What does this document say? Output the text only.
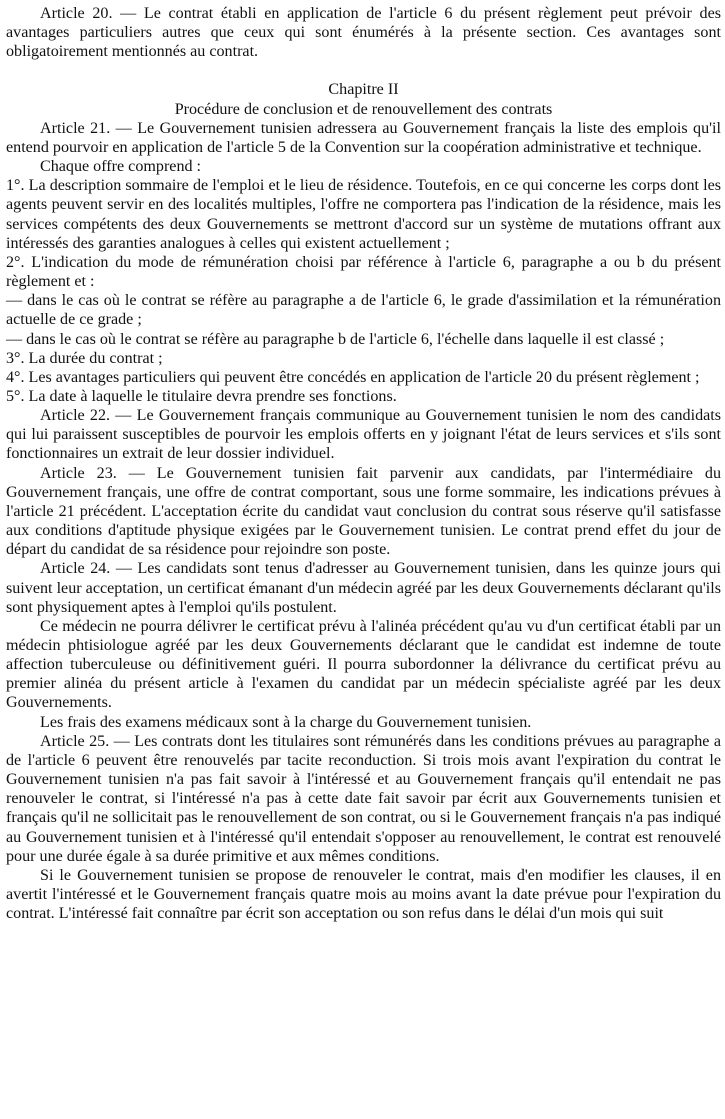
Article 20. — Le contrat établi en application de l'article 6 du présent règlement peut prévoir des avantages particuliers autres que ceux qui sont énumérés à la présente section. Ces avantages sont obligatoirement mentionnés au contrat.

Chapitre II

Procédure de conclusion et de renouvellement des contrats

Article 21. — Le Gouvernement tunisien adressera au Gouvernement français la liste des emplois qu'il entend pourvoir en application de l'article 5 de la Convention sur la coopération administrative et technique.

Chaque offre comprend :

1°. La description sommaire de l'emploi et le lieu de résidence. Toutefois, en ce qui concerne les corps dont les agents peuvent servir en des localités multiples, l'offre ne comportera pas l'indication de la résidence, mais les services compétents des deux Gouvernements se mettront d'accord sur un système de mutations offrant aux intéressés des garanties analogues à celles qui existent actuellement ;

2°. L'indication du mode de rémunération choisi par référence à l'article 6, paragraphe a ou b du présent règlement et :

— dans le cas où le contrat se réfère au paragraphe a de l'article 6, le grade d'assimilation et la rémunération actuelle de ce grade ;

— dans le cas où le contrat se réfère au paragraphe b de l'article 6, l'échelle dans laquelle il est classé ;

3°. La durée du contrat ;

4°. Les avantages particuliers qui peuvent être concédés en application de l'article 20 du présent règlement ;

5°. La date à laquelle le titulaire devra prendre ses fonctions.

Article 22. — Le Gouvernement français communique au Gouvernement tunisien le nom des candidats qui lui paraissent susceptibles de pourvoir les emplois offerts en y joignant l'état de leurs services et s'ils sont fonctionnaires un extrait de leur dossier individuel.

Article 23. — Le Gouvernement tunisien fait parvenir aux candidats, par l'intermédiaire du Gouvernement français, une offre de contrat comportant, sous une forme sommaire, les indications prévues à l'article 21 précédent. L'acceptation écrite du candidat vaut conclusion du contrat sous réserve qu'il satisfasse aux conditions d'aptitude physique exigées par le Gouvernement tunisien. Le contrat prend effet du jour de départ du candidat de sa résidence pour rejoindre son poste.

Article 24. — Les candidats sont tenus d'adresser au Gouvernement tunisien, dans les quinze jours qui suivent leur acceptation, un certificat émanant d'un médecin agréé par les deux Gouvernements déclarant qu'ils sont physiquement aptes à l'emploi qu'ils postulent.

Ce médecin ne pourra délivrer le certificat prévu à l'alinéa précédent qu'au vu d'un certificat établi par un médecin phtisiologue agréé par les deux Gouvernements déclarant que le candidat est indemne de toute affection tuberculeuse ou définitivement guéri. Il pourra subordonner la délivrance du certificat prévu au premier alinéa du présent article à l'examen du candidat par un médecin spécialiste agréé par les deux Gouvernements.

Les frais des examens médicaux sont à la charge du Gouvernement tunisien.

Article 25. — Les contrats dont les titulaires sont rémunérés dans les conditions prévues au paragraphe a de l'article 6 peuvent être renouvelés par tacite reconduction. Si trois mois avant l'expiration du contrat le Gouvernement tunisien n'a pas fait savoir à l'intéressé et au Gouvernement français qu'il entendait ne pas renouveler le contrat, si l'intéressé n'a pas à cette date fait savoir par écrit aux Gouvernements tunisien et français qu'il ne sollicitait pas le renouvellement de son contrat, ou si le Gouvernement français n'a pas indiqué au Gouvernement tunisien et à l'intéressé qu'il entendait s'opposer au renouvellement, le contrat est renouvelé pour une durée égale à sa durée primitive et aux mêmes conditions.

Si le Gouvernement tunisien se propose de renouveler le contrat, mais d'en modifier les clauses, il en avertit l'intéressé et le Gouvernement français quatre mois au moins avant la date prévue pour l'expiration du contrat. L'intéressé fait connaître par écrit son acceptation ou son refus dans le délai d'un mois qui suit
